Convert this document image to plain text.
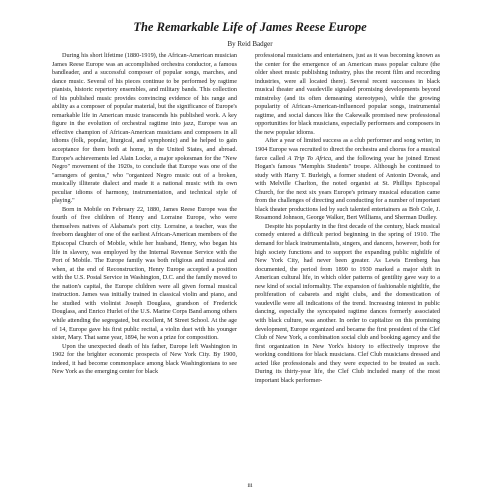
The Remarkable Life of James Reese Europe
By Reid Badger

During his short lifetime (1880-1919), the African-American musician James Reese Europe was an accomplished orchestra conductor, a famous bandleader, and a successful composer of popular songs, marches, and dance music. Several of his pieces continue to be performed by ragtime pianists, historic repertory ensembles, and military bands. This collection of his published music provides convincing evidence of his range and ability as a composer of popular material, but the significance of Europe's remarkable life in American music transcends his published work. A key figure in the evolution of orchestral ragtime into jazz, Europe was an effective champion of African-American musicians and composers in all idioms (folk, popular, liturgical, and symphonic) and he helped to gain acceptance for them both at home, in the United States, and abroad. Europe's achievements led Alain Locke, a major spokesman for the "New Negro" movement of the 1920s, to conclude that Europe was one of the "arrangers of genius," who "organized Negro music out of a broken, musically illiterate dialect and made it a national music with its own peculiar idioms of harmony, instrumentation, and technical style of playing."

Born in Mobile on February 22, 1880, James Reese Europe was the fourth of five children of Henry and Lorraine Europe, who were themselves natives of Alabama's port city. Lorraine, a teacher, was the freeborn daughter of one of the earliest African-American members of the Episcopal Church of Mobile, while her husband, Henry, who began his life in slavery, was employed by the Internal Revenue Service with the Port of Mobile. The Europe family was both religious and musical and when, at the end of Reconstruction, Henry Europe accepted a position with the U.S. Postal Service in Washington, D.C. and the family moved to the nation's capital, the Europe children were all given formal musical instruction. James was initially trained in classical violin and piano, and he studied with violinist Joseph Douglass, grandson of Frederick Douglass, and Enrico Hurlei of the U.S. Marine Corps Band among others while attending the segregated, but excellent, M Street School. At the age of 14, Europe gave his first public recital, a violin duet with his younger sister, Mary. That same year, 1894, he won a prize for composition.

Upon the unexpected death of his father, Europe left Washington in 1902 for the brighter economic prospects of New York City. By 1900, indeed, it had become commonplace among black Washingtonians to see New York as the emerging center for black

professional musicians and entertainers, just as it was becoming known as the center for the emergence of an American mass popular culture (the older sheet music publishing industry, plus the recent film and recording industries, were all located there). Several recent successes in black musical theater and vaudeville signaled promising developments beyond minstrelsy (and its often demeaning stereotypes), while the growing popularity of African-American-influenced popular songs, instrumental ragtime, and social dances like the Cakewalk promised new professional opportunities for black musicians, especially performers and composers in the new popular idioms.

After a year of limited success as a club performer and song writer, in 1904 Europe was recruited to direct the orchestra and chorus for a musical farce called A Trip To Africa, and the following year he joined Ernest Hogan's famous "Memphis Students" troupe. Although he continued to study with Harry T. Burleigh, a former student of Antonin Dvorak, and with Melville Charlton, the noted organist at St. Phillips Episcopal Church, for the next six years Europe's primary musical education came from the challenges of directing and conducting for a number of important black theater productions led by such talented entertainers as Bob Cole, J. Rosamond Johnson, George Walker, Bert Williams, and Sherman Dudley.

Despite his popularity in the first decade of the century, black musical comedy entered a difficult period beginning in the spring of 1910. The demand for black instrumentalists, singers, and dancers, however, both for high society functions and to support the expanding public nightlife of New York City, had never been greater. As Lewis Erenberg has documented, the period from 1890 to 1930 marked a major shift in American cultural life, in which older patterns of gentility gave way to a new kind of social informality. The expansion of fashionable nightlife, the proliferation of cabarets and night clubs, and the domestication of vaudeville were all indications of the trend. Increasing interest in public dancing, especially the syncopated ragtime dances formerly associated with black culture, was another. In order to capitalize on this promising development, Europe organized and became the first president of the Clef Club of New York, a combination social club and booking agency and the first organization in New York's history to effectively improve the working conditions for black musicians. Clef Club musicians dressed and acted like professionals and they were expected to be treated as such. During its thirty-year life, the Clef Club included many of the most important black performer-

iii
